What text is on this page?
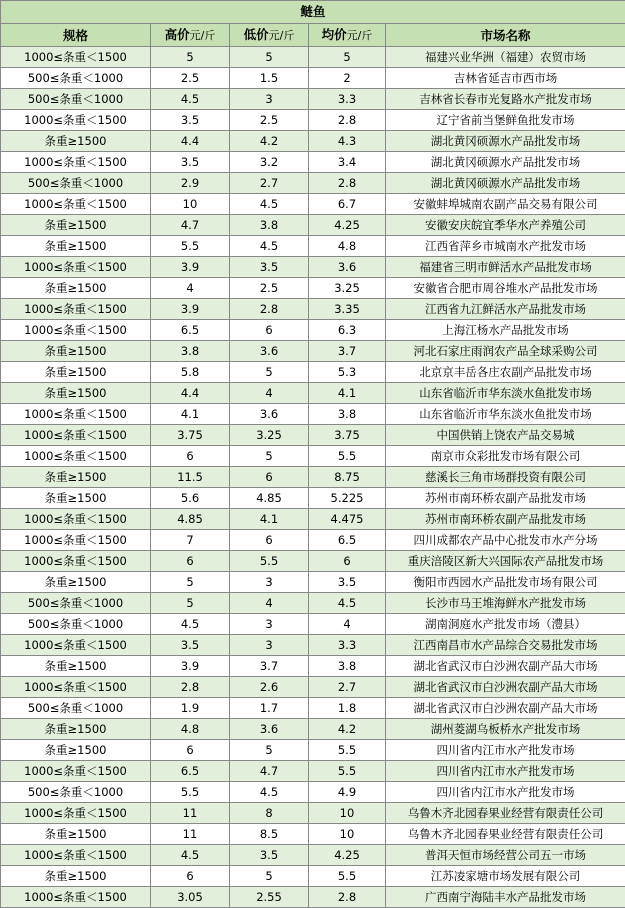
鲢鱼				
规格	高价元/斤	低价元/斤	均价元/斤	市场名称
1000≤条重＜1500	5	5	5	福建兴业华洲（福建）农贸市场
500≤条重＜1000	2.5	1.5	2	吉林省延吉市西市场
500≤条重＜1000	4.5	3	3.3	吉林省长春市光复路水产批发市场
1000≤条重＜1500	3.5	2.5	2.8	辽宁省前当堡鲜鱼批发市场
条重≥1500	4.4	4.2	4.3	湖北黄冈硕源水产品批发市场
1000≤条重＜1500	3.5	3.2	3.4	湖北黄冈硕源水产品批发市场
500≤条重＜1000	2.9	2.7	2.8	湖北黄冈硕源水产品批发市场
1000≤条重＜1500	10	4.5	6.7	安徽蚌埠城南农副产品交易有限公司
条重≥1500	4.7	3.8	4.25	安徽安庆皖宜季华水产养殖公司
条重≥1500	5.5	4.5	4.8	江西省萍乡市城南水产批发市场
1000≤条重＜1500	3.9	3.5	3.6	福建省三明市鲜活水产品批发市场
条重≥1500	4	2.5	3.25	安徽省合肥市周谷堆水产品批发市场
1000≤条重＜1500	3.9	2.8	3.35	江西省九江鲜活水产品批发市场
1000≤条重＜1500	6.5	6	6.3	上海江杨水产品批发市场
条重≥1500	3.8	3.6	3.7	河北石家庄雨润农产品全球采购公司
条重≥1500	5.8	5	5.3	北京京丰岳各庄农副产品批发市场
条重≥1500	4.4	4	4.1	山东省临沂市华东淡水鱼批发市场
1000≤条重＜1500	4.1	3.6	3.8	山东省临沂市华东淡水鱼批发市场
1000≤条重＜1500	3.75	3.25	3.75	中国供销上饶农产品交易城
1000≤条重＜1500	6	5	5.5	南京市众彩批发市场有限公司
条重≥1500	11.5	6	8.75	慈溪长三角市场群投资有限公司
条重≥1500	5.6	4.85	5.225	苏州市南环桥农副产品批发市场
1000≤条重＜1500	4.85	4.1	4.475	苏州市南环桥农副产品批发市场
1000≤条重＜1500	7	6	6.5	四川成都农产品中心批发市水产分场
1000≤条重＜1500	6	5.5	6	重庆涪陵区新大兴国际农产品批发市场
条重≥1500	5	3	3.5	衡阳市西园水产品批发市场有限公司
500≤条重＜1000	5	4	4.5	长沙市马王堆海鲜水产批发市场
500≤条重＜1000	4.5	3	4	湖南洞庭水产批发市场（澧县）
1000≤条重＜1500	3.5	3	3.3	江西南昌市水产品综合交易批发市场
条重≥1500	3.9	3.7	3.8	湖北省武汉市白沙洲农副产品大市场
1000≤条重＜1500	2.8	2.6	2.7	湖北省武汉市白沙洲农副产品大市场
500≤条重＜1000	1.9	1.7	1.8	湖北省武汉市白沙洲农副产品大市场
条重≥1500	4.8	3.6	4.2	湖州菱湖乌板桥水产批发市场
条重≥1500	6	5	5.5	四川省内江市水产批发市场
1000≤条重＜1500	6.5	4.7	5.5	四川省内江市水产批发市场
500≤条重＜1000	5.5	4.5	4.9	四川省内江市水产批发市场
1000≤条重＜1500	11	8	10	乌鲁木齐北园春果业经营有限责任公司
条重≥1500	11	8.5	10	乌鲁木齐北园春果业经营有限责任公司
1000≤条重＜1500	4.5	3.5	4.25	普洱天恒市场经营公司五一市场
条重≥1500	6	5	5.5	江苏凌家塘市场发展有限公司
1000≤条重＜1500	3.05	2.55	2.8	广西南宁海陆丰水产品批发市场
